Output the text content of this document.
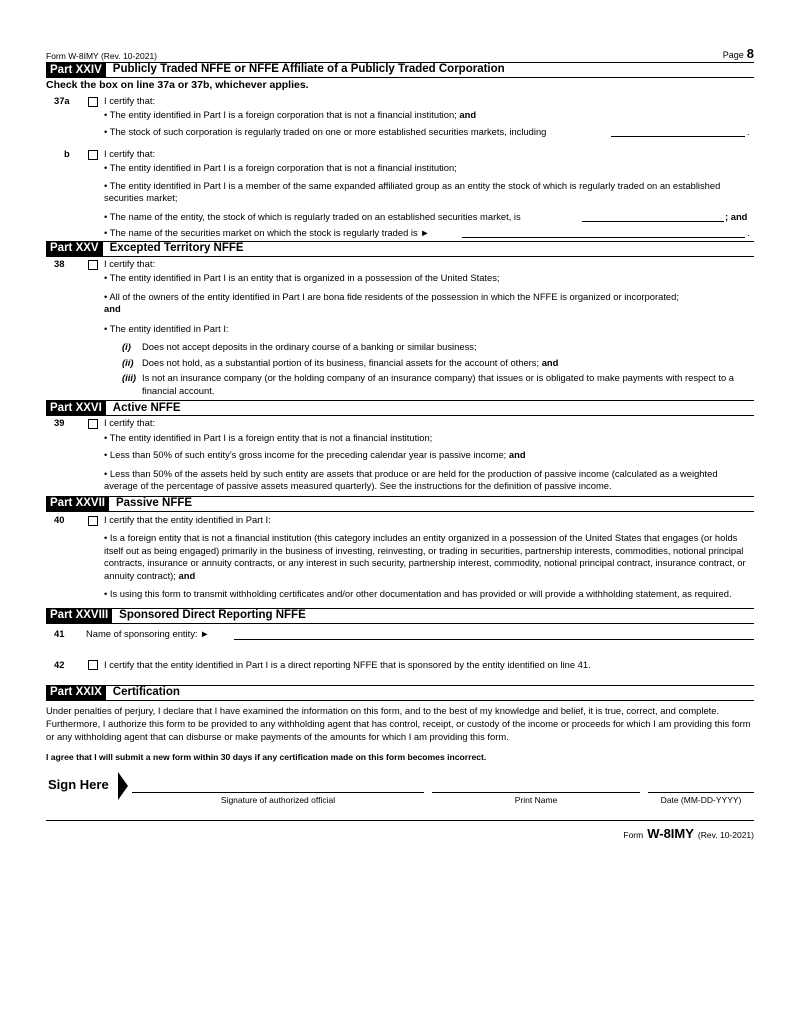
Form W-8IMY (Rev. 10-2021)	Page 8
Part XXIV Publicly Traded NFFE or NFFE Affiliate of a Publicly Traded Corporation
Check the box on line 37a or 37b, whichever applies.
37a	I certify that:
• The entity identified in Part I is a foreign corporation that is not a financial institution; and
• The stock of such corporation is regularly traded on one or more established securities markets, including	.
b	I certify that:
• The entity identified in Part I is a foreign corporation that is not a financial institution;
• The entity identified in Part I is a member of the same expanded affiliated group as an entity the stock of which is regularly traded on an established securities market;
• The name of the entity, the stock of which is regularly traded on an established securities market, is	; and
• The name of the securities market on which the stock is regularly traded is ►	.
Part XXV Excepted Territory NFFE
38	I certify that:
• The entity identified in Part I is an entity that is organized in a possession of the United States;
• All of the owners of the entity identified in Part I are bona fide residents of the possession in which the NFFE is organized or incorporated;
and
• The entity identified in Part I:
(i)	Does not accept deposits in the ordinary course of a banking or similar business;
(ii) Does not hold, as a substantial portion of its business, financial assets for the account of others; and
(iii) Is not an insurance company (or the holding company of an insurance company) that issues or is obligated to make payments with respect to a financial account.
Part XXVI Active NFFE
39	I certify that:
• The entity identified in Part I is a foreign entity that is not a financial institution;
• Less than 50% of such entity’s gross income for the preceding calendar year is passive income; and
• Less than 50% of the assets held by such entity are assets that produce or are held for the production of passive income (calculated as a weighted average of the percentage of passive assets measured quarterly). See the instructions for the definition of passive income.
Part XXVII Passive NFFE
40	I certify that the entity identified in Part I:
• Is a foreign entity that is not a financial institution (this category includes an entity organized in a possession of the United States that engages (or holds itself out as being engaged) primarily in the business of investing, reinvesting, or trading in securities, partnership interests, commodities, notional principal contracts, insurance or annuity contracts, or any interest in such security, partnership interest, commodity, notional principal contract, insurance contract, or annuity contract); and
• Is using this form to transmit withholding certificates and/or other documentation and has provided or will provide a withholding statement, as required.
Part XXVIII Sponsored Direct Reporting NFFE
41 Name of sponsoring entity: ►
42	I certify that the entity identified in Part I is a direct reporting NFFE that is sponsored by the entity identified on line 41.
Part XXIX Certification
Under penalties of perjury, I declare that I have examined the information on this form, and to the best of my knowledge and belief, it is true, correct, and complete. Furthermore, I authorize this form to be provided to any withholding agent that has control, receipt, or custody of the income or proceeds for which I am providing this form or any withholding agent that can disburse or make payments of the amounts for which I am providing this form.
I agree that I will submit a new form within 30 days if any certification made on this form becomes incorrect.
Sign Here
Signature of authorized official	Print Name	Date (MM-DD-YYYY)
Form W-8IMY (Rev. 10-2021)
